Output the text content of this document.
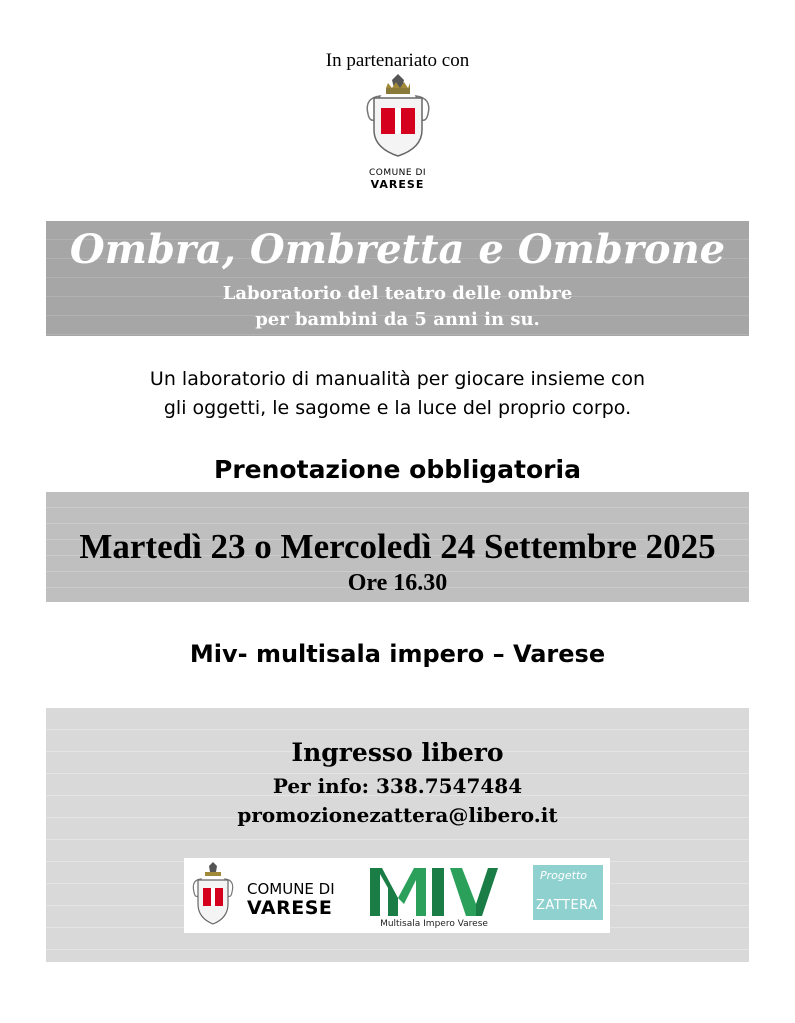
In partenariato con
COMUNE DI
VARESE
Ombra, Ombretta e Ombrone
Laboratorio del teatro delle ombre
per bambini da 5 anni in su.
Un laboratorio di manualità per giocare insieme con
gli oggetti, le sagome e la luce del proprio corpo.
Prenotazione obbligatoria
Martedì 23 o Mercoledì 24 Settembre 2025
Ore 16.30
Miv- multisala impero – Varese
Ingresso libero
Per info: 338.7547484
promozionezattera@libero.it
COMUNE DI
VARESE
Multisala Impero Varese
Progetto
ZATTERA
